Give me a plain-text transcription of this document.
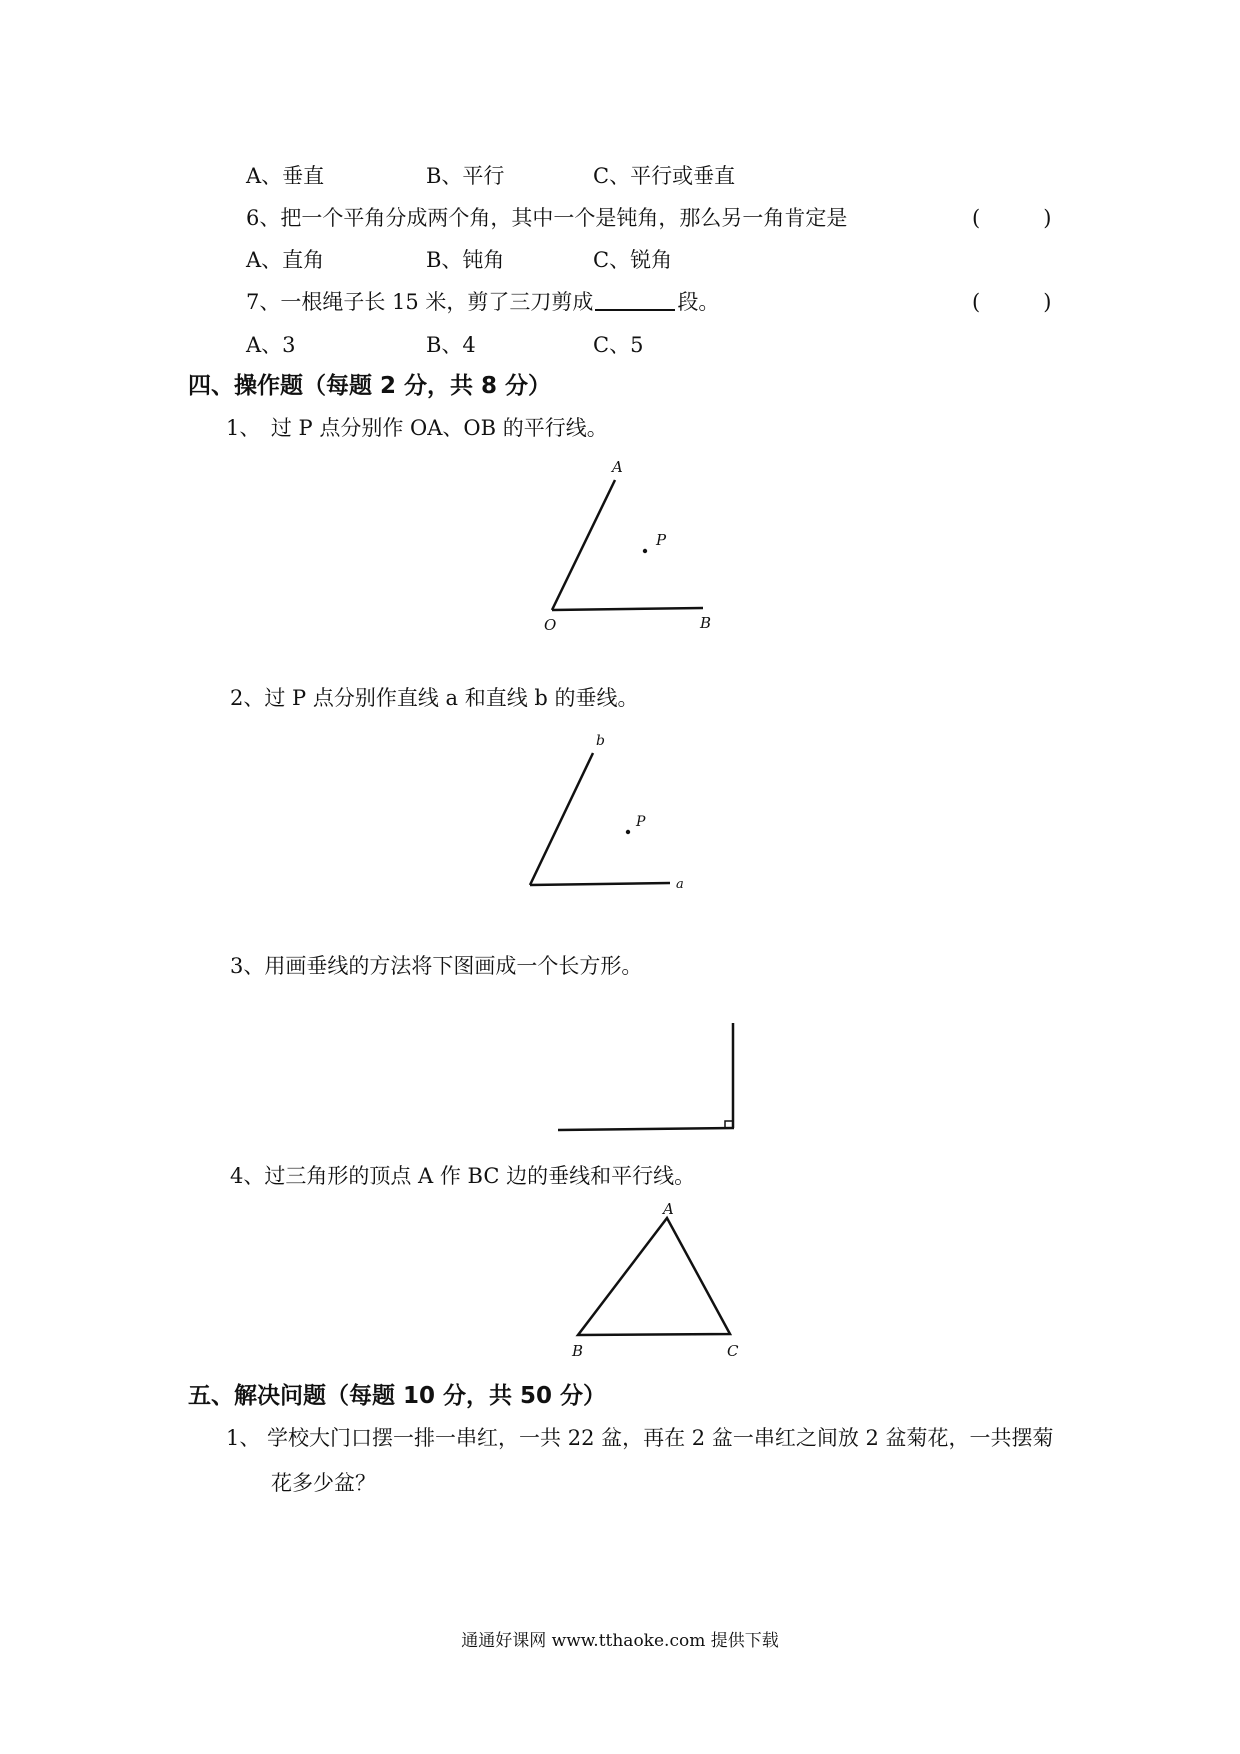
A、垂直	B、平行	C、平行或垂直
6、把一个平角分成两个角，其中一个是钝角，那么另一角肯定是	(　　　)
A、直角	B、钝角	C、锐角
7、一根绳子长 15 米，剪了三刀剪成	段。	(　　　)
A、3	B、4	C、5
四、操作题（每题 2 分，共 8 分）
1、　过 P 点分别作 OA、OB 的平行线。
A
P
O	B
2、过 P 点分别作直线 a 和直线 b 的垂线。
b
P
a
3、用画垂线的方法将下图画成一个长方形。
4、过三角形的顶点 A 作 BC 边的垂线和平行线。
A
B	C
五、解决问题（每题 10 分，共 50 分）
1、 学校大门口摆一排一串红，一共 22 盆，再在 2 盆一串红之间放 2 盆菊花，一共摆菊
花多少盆？
通通好课网 www.tthaoke.com 提供下载
